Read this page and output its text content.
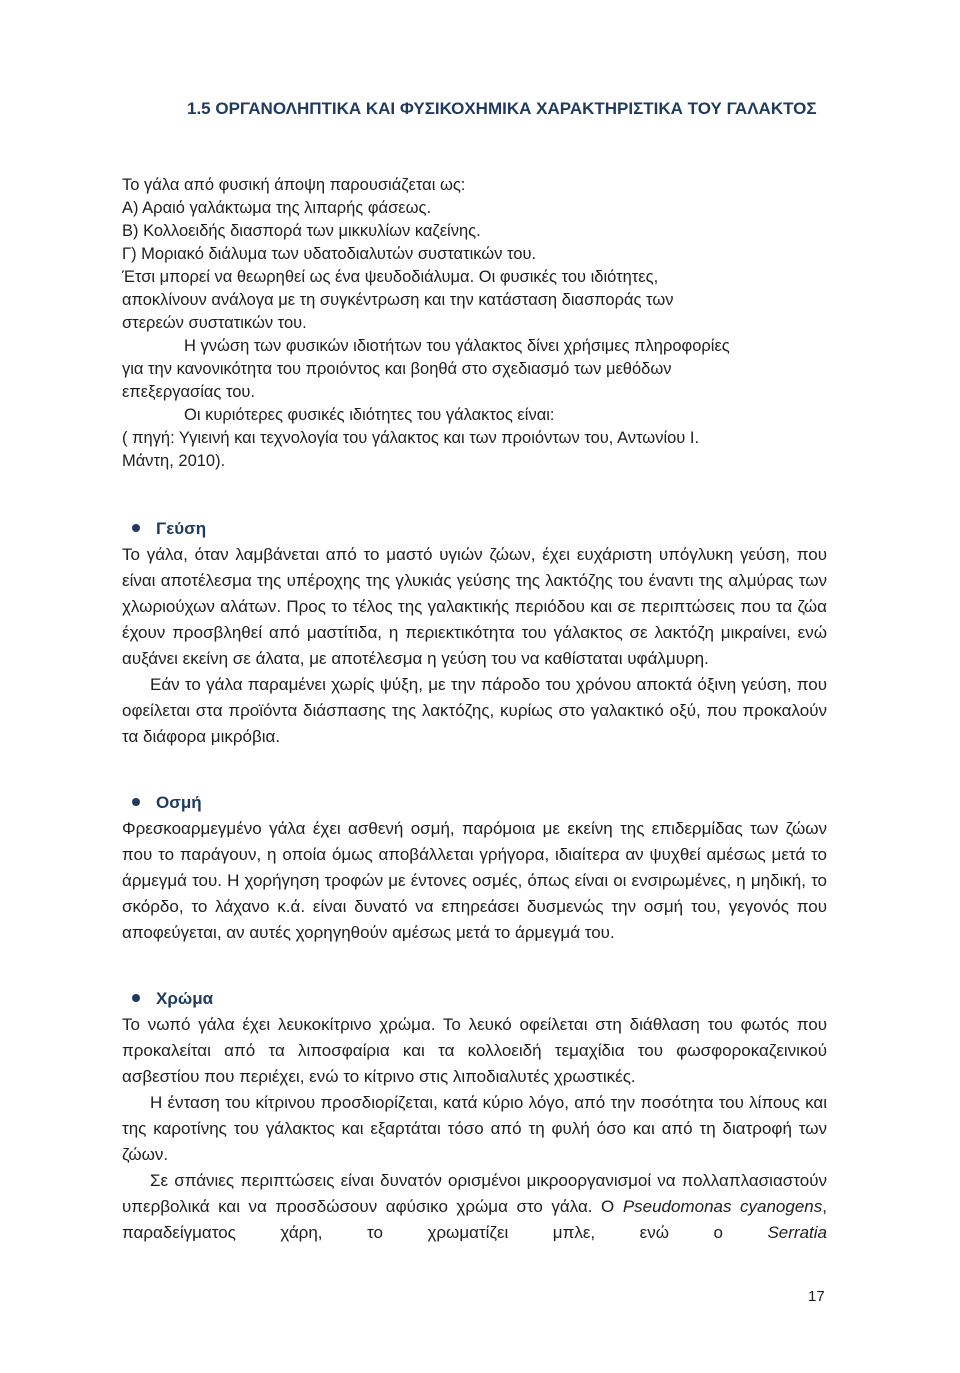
1.5 ΟΡΓΑΝΟΛΗΠΤΙΚΑ ΚΑΙ ΦΥΣΙΚΟΧΗΜΙΚΑ ΧΑΡΑΚΤΗΡΙΣΤΙΚΑ ΤΟΥ ΓΑΛΑΚΤΟΣ
Το γάλα από φυσική άποψη παρουσιάζεται ως:
Α) Αραιό γαλάκτωμα της λιπαρής φάσεως.
Β) Κολλοειδής διασπορά των μικκυλίων καζείνης.
Γ) Μοριακό διάλυμα των υδατοδιαλυτών συστατικών του.
Έτσι μπορεί να θεωρηθεί ως ένα ψευδοδιάλυμα. Οι φυσικές του ιδιότητες,
αποκλίνουν ανάλογα με τη συγκέντρωση και την κατάσταση διασποράς των
στερεών συστατικών του.
Η γνώση των φυσικών ιδιοτήτων του γάλακτος δίνει χρήσιμες πληροφορίες
για την κανονικότητα του προιόντος και βοηθά στο σχεδιασμό των μεθόδων
επεξεργασίας του.
Οι κυριότερες φυσικές ιδιότητες του γάλακτος είναι:
( πηγή: Υγιεινή και τεχνολογία του γάλακτος και των προιόντων του, Αντωνίου Ι.
Μάντη, 2010).
Γεύση

Το γάλα, όταν λαμβάνεται από το μαστό υγιών ζώων, έχει ευχάριστη υπόγλυκη γεύση, που είναι αποτέλεσμα της υπέροχης της γλυκιάς γεύσης της λακτόζης του έναντι της αλμύρας των χλωριούχων αλάτων. Προς το τέλος της γαλακτικής περιόδου και σε περιπτώσεις που τα ζώα έχουν προσβληθεί από μαστίτιδα, η περιεκτικότητα του γάλακτος σε λακτόζη μικραίνει, ενώ αυξάνει εκείνη σε άλατα, με αποτέλεσμα η γεύση του να καθίσταται υφάλμυρη.

Εάν το γάλα παραμένει χωρίς ψύξη, με την πάροδο του χρόνου αποκτά όξινη γεύση, που οφείλεται στα προϊόντα διάσπασης της λακτόζης, κυρίως στο γαλακτικό οξύ, που προκαλούν τα διάφορα μικρόβια.

Οσμή

Φρεσκοαρμεγμένο γάλα έχει ασθενή οσμή, παρόμοια με εκείνη της επιδερμίδας των ζώων που το παράγουν, η οποία όμως αποβάλλεται γρήγορα, ιδιαίτερα αν ψυχθεί αμέσως μετά το άρμεγμά του. Η χορήγηση τροφών με έντονες οσμές, όπως είναι οι ενσιρωμένες, η μηδική, το σκόρδο, το λάχανο κ.ά. είναι δυνατό να επηρεάσει δυσμενώς την οσμή του, γεγονός που αποφεύγεται, αν αυτές χορηγηθούν αμέσως μετά το άρμεγμά του.

Χρώμα

Το νωπό γάλα έχει λευκοκίτρινο χρώμα. Το λευκό οφείλεται στη διάθλαση του φωτός που προκαλείται από τα λιποσφαίρια και τα κολλοειδή τεμαχίδια του φωσφοροκαζεινικού ασβεστίου που περιέχει, ενώ το κίτρινο στις λιποδιαλυτές χρωστικές.

Η ένταση του κίτρινου προσδιορίζεται, κατά κύριο λόγο, από την ποσότητα του λίπους και της καροτίνης του γάλακτος και εξαρτάται τόσο από τη φυλή όσο και από τη διατροφή των ζώων.

Σε σπάνιες περιπτώσεις είναι δυνατόν ορισμένοι μικροοργανισμοί να πολλαπλασιαστούν υπερβολικά και να προσδώσουν αφύσικο χρώμα στο γάλα. Ο Pseudomonas cyanogens, παραδείγματος χάρη, το χρωματίζει μπλε, ενώ ο	Serratia

17
